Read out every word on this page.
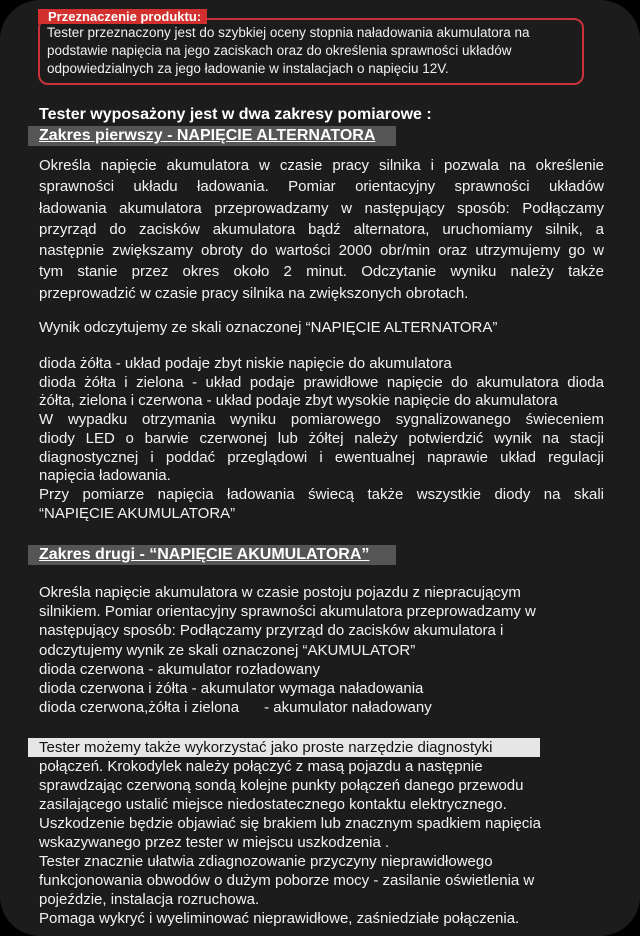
Przeznaczenie produktu:
Tester przeznaczony jest do szybkiej oceny stopnia naładowania akumulatora na
podstawie napięcia na jego zaciskach oraz do określenia sprawności układów
odpowiedzialnych za jego ładowanie w instalacjach o napięciu 12V.
Tester wyposażony jest w dwa zakresy pomiarowe :
Zakres pierwszy - NAPIĘCIE ALTERNATORA
Określa napięcie akumulatora w czasie pracy silnika i pozwala na określenie
sprawności układu ładowania. Pomiar orientacyjny sprawności układów
ładowania akumulatora przeprowadzamy w następujący sposób: Podłączamy
przyrząd do zacisków akumulatora bądź alternatora, uruchomiamy silnik, a
następnie zwiększamy obroty do wartości 2000 obr/min oraz utrzymujemy go w
tym stanie przez okres około 2 minut. Odczytanie wyniku należy także
przeprowadzić w czasie pracy silnika na zwiększonych obrotach.
Wynik odczytujemy ze skali oznaczonej “NAPIĘCIE ALTERNATORA”
dioda żółta - układ podaje zbyt niskie napięcie do akumulatora
dioda żółta i zielona - układ podaje prawidłowe napięcie do akumulatora dioda
żółta, zielona i czerwona - układ podaje zbyt wysokie napięcie do akumulatora
W wypadku otrzymania wyniku pomiarowego sygnalizowanego świeceniem
diody LED o barwie czerwonej lub żółtej należy potwierdzić wynik na stacji
diagnostycznej i poddać przeglądowi i ewentualnej naprawie układ regulacji
napięcia ładowania.
Przy pomiarze napięcia ładowania świecą także wszystkie diody na skali
“NAPIĘCIE AKUMULATORA”
Zakres drugi - “NAPIĘCIE AKUMULATORA”
Określa napięcie akumulatora w czasie postoju pojazdu z niepracującym
silnikiem. Pomiar orientacyjny sprawności akumulatora przeprowadzamy w
następujący sposób: Podłączamy przyrząd do zacisków akumulatora i
odczytujemy wynik ze skali oznaczonej “AKUMULATOR”
dioda czerwona - akumulator rozładowany
dioda czerwona i żółta - akumulator wymaga naładowania
dioda czerwona,żółta i zielona      - akumulator naładowany
Tester możemy także wykorzystać jako proste narzędzie diagnostyki
połączeń. Krokodylek należy połączyć z masą pojazdu a następnie
sprawdzając czerwoną sondą kolejne punkty połączeń danego przewodu
zasilającego ustalić miejsce niedostatecznego kontaktu elektrycznego.
Uszkodzenie będzie objawiać się brakiem lub znacznym spadkiem napięcia
wskazywanego przez tester w miejscu uszkodzenia .
Tester znacznie ułatwia zdiagnozowanie przyczyny nieprawidłowego
funkcjonowania obwodów o dużym poborze mocy - zasilanie oświetlenia w
pojeździe, instalacja rozruchowa.
Pomaga wykryć i wyeliminować nieprawidłowe, zaśniedziałe połączenia.
